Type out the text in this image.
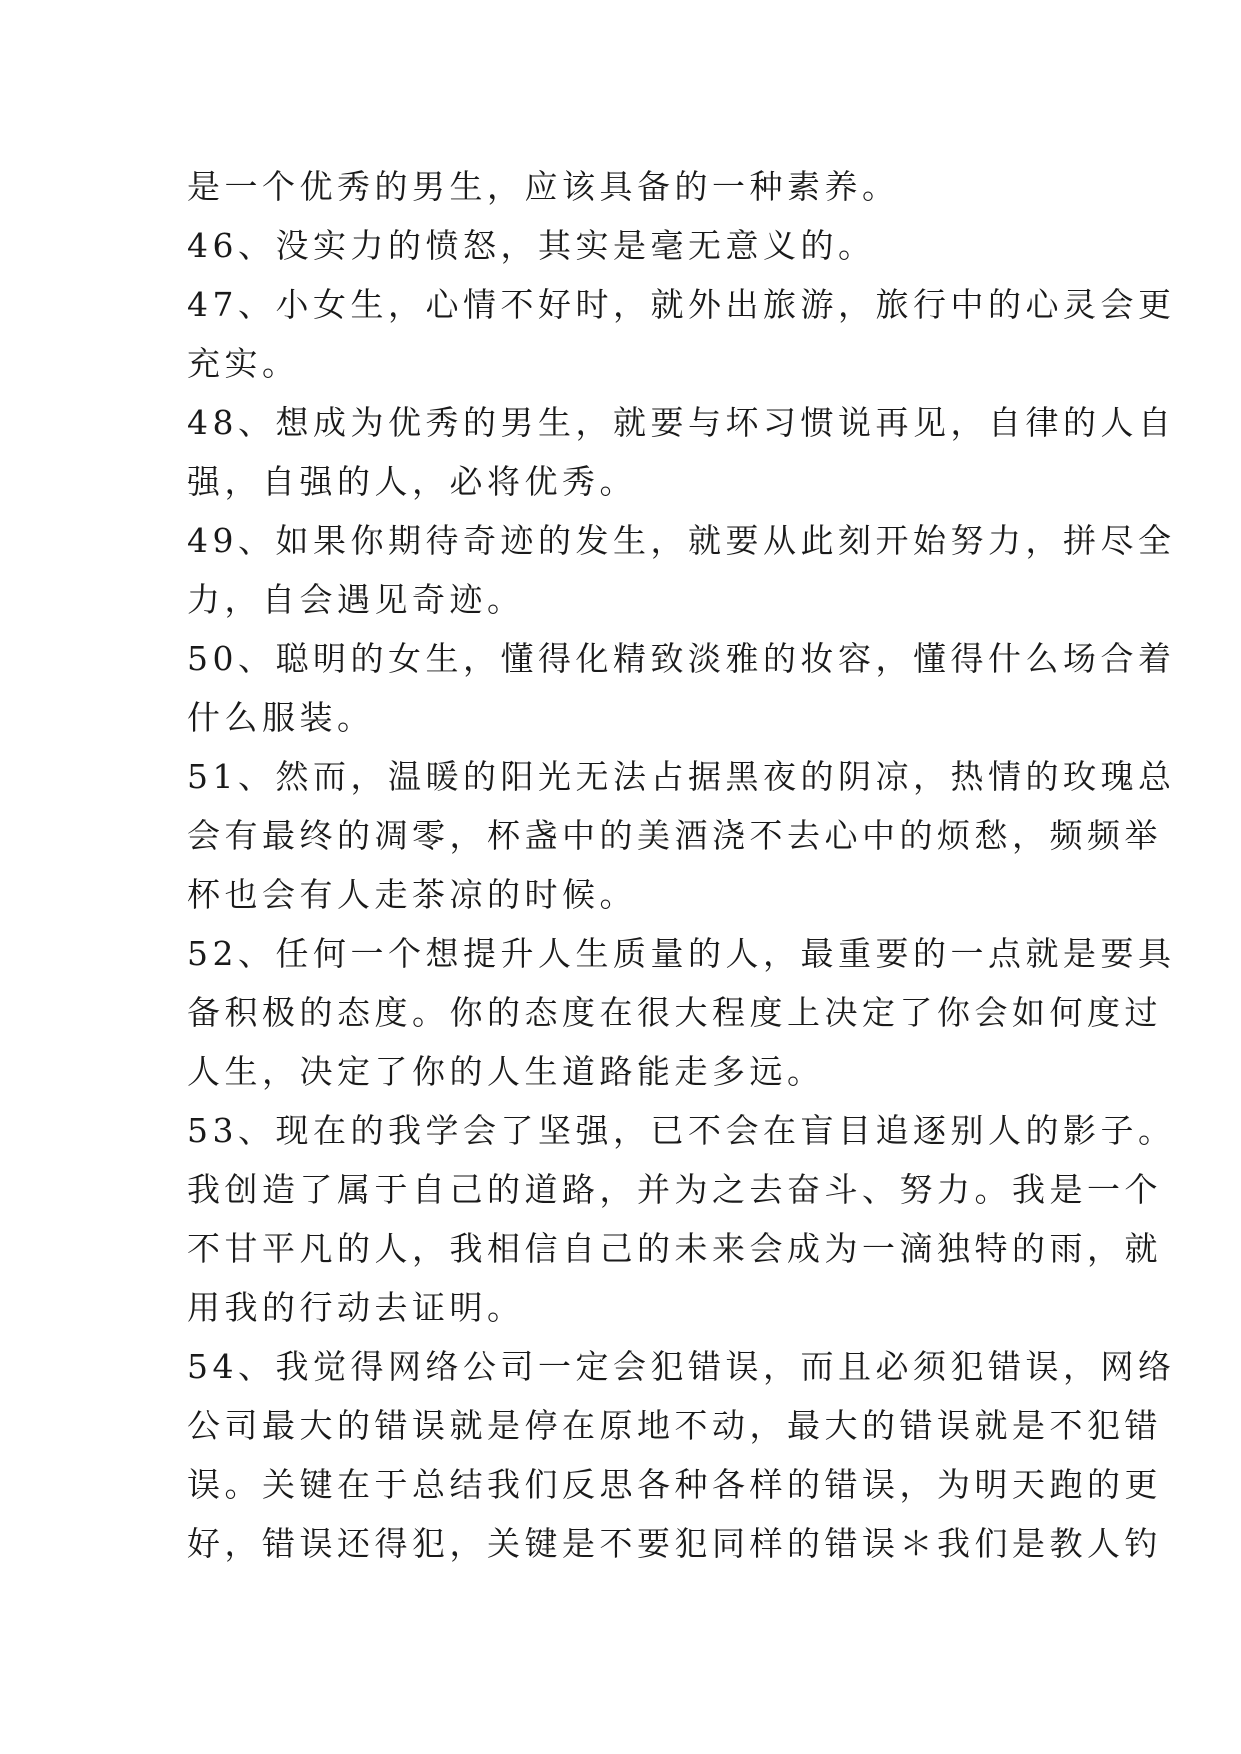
是一个优秀的男生，应该具备的一种素养。
46、没实力的愤怒，其实是毫无意义的。
47、小女生，心情不好时，就外出旅游，旅行中的心灵会更
充实。
48、想成为优秀的男生，就要与坏习惯说再见，自律的人自
强，自强的人，必将优秀。
49、如果你期待奇迹的发生，就要从此刻开始努力，拼尽全
力，自会遇见奇迹。
50、聪明的女生，懂得化精致淡雅的妆容，懂得什么场合着
什么服装。
51、然而，温暖的阳光无法占据黑夜的阴凉，热情的玫瑰总
会有最终的凋零，杯盏中的美酒浇不去心中的烦愁，频频举
杯也会有人走茶凉的时候。
52、任何一个想提升人生质量的人，最重要的一点就是要具
备积极的态度。你的态度在很大程度上决定了你会如何度过
人生，决定了你的人生道路能走多远。
53、现在的我学会了坚强，已不会在盲目追逐别人的影子。
我创造了属于自己的道路，并为之去奋斗、努力。我是一个
不甘平凡的人，我相信自己的未来会成为一滴独特的雨，就
用我的行动去证明。
54、我觉得网络公司一定会犯错误，而且必须犯错误，网络
公司最大的错误就是停在原地不动，最大的错误就是不犯错
误。关键在于总结我们反思各种各样的错误，为明天跑的更
好，错误还得犯，关键是不要犯同样的错误＊我们是教人钓
